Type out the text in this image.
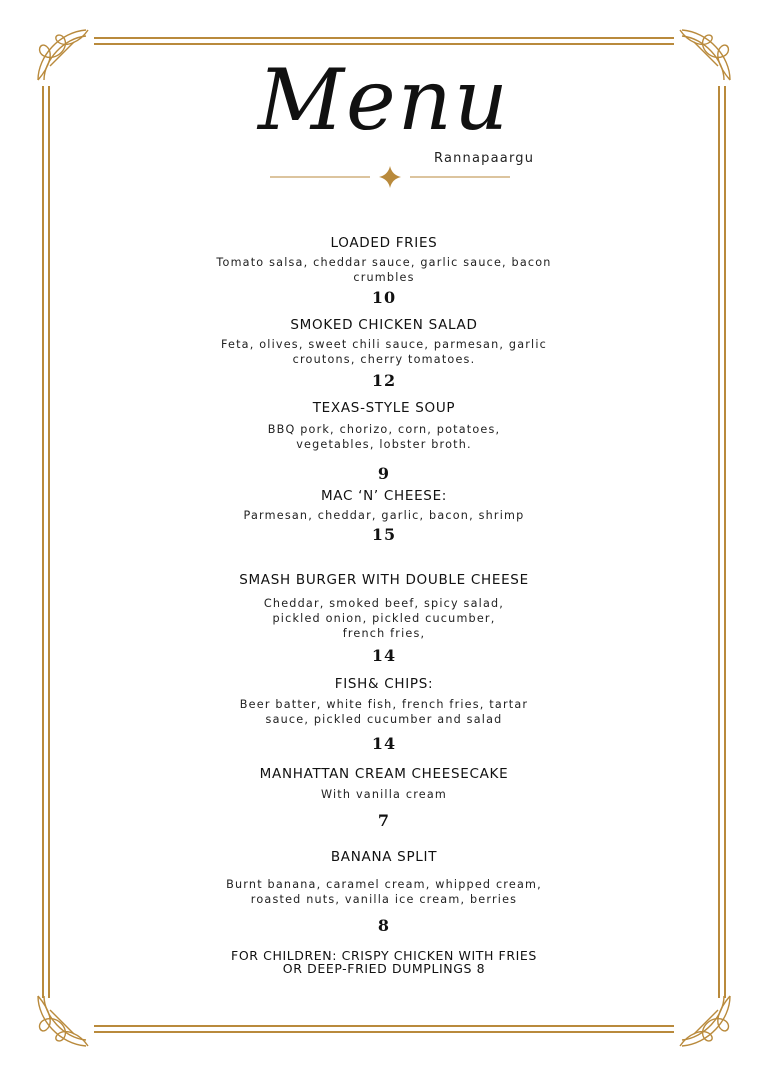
Menu
Rannapaargu
LOADED FRIES
Tomato salsa, cheddar sauce, garlic sauce, bacon crumbles
10
SMOKED CHICKEN SALAD
Feta, olives, sweet chili sauce, parmesan, garlic croutons, cherry tomatoes.
12
TEXAS-STYLE SOUP
BBQ pork, chorizo, corn, potatoes, vegetables, lobster broth.
9
MAC ‘N’ CHEESE:
Parmesan, cheddar, garlic, bacon, shrimp
15
SMASH BURGER WITH DOUBLE CHEESE
Cheddar, smoked beef, spicy salad, pickled onion, pickled cucumber, french fries,
14
FISH& CHIPS:
Beer batter, white fish, french fries, tartar sauce, pickled cucumber and salad
14
MANHATTAN CREAM CHEESECAKE
With vanilla cream
7
BANANA SPLIT
Burnt banana, caramel cream, whipped cream, roasted nuts, vanilla ice cream, berries
8
FOR CHILDREN: CRISPY CHICKEN WITH FRIES OR DEEP-FRIED DUMPLINGS 8
